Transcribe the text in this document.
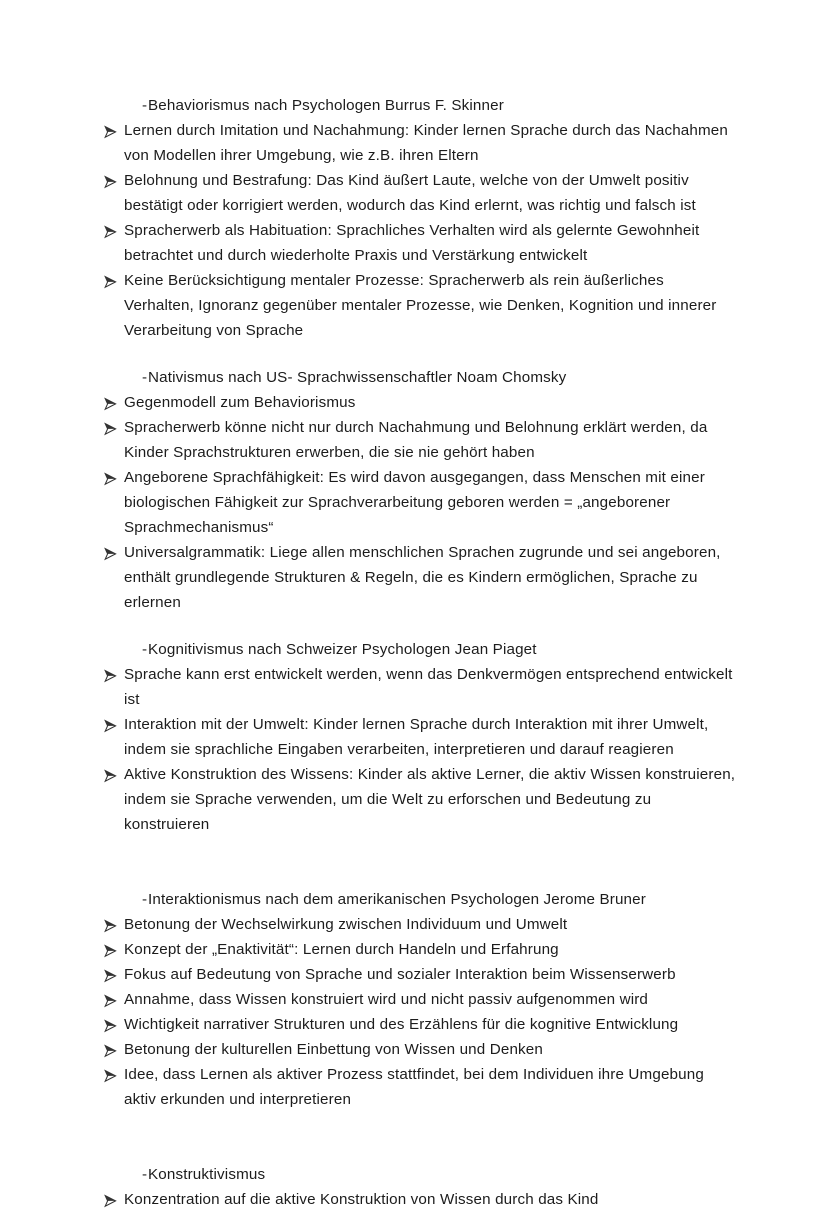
- Behaviorismus nach Psychologen Burrus F. Skinner
Lernen durch Imitation und Nachahmung: Kinder lernen Sprache durch das Nachahmen von Modellen ihrer Umgebung, wie z.B. ihren Eltern
Belohnung und Bestrafung: Das Kind äußert Laute, welche von der Umwelt positiv bestätigt oder korrigiert werden, wodurch das Kind erlernt, was richtig und falsch ist
Spracherwerb als Habituation: Sprachliches Verhalten wird als gelernte Gewohnheit betrachtet und durch wiederholte Praxis und Verstärkung entwickelt
Keine Berücksichtigung mentaler Prozesse: Spracherwerb als rein äußerliches Verhalten, Ignoranz gegenüber mentaler Prozesse, wie Denken, Kognition und innerer Verarbeitung von Sprache
- Nativismus nach US- Sprachwissenschaftler Noam Chomsky
Gegenmodell zum Behaviorismus
Spracherwerb könne nicht nur durch Nachahmung und Belohnung erklärt werden, da Kinder Sprachstrukturen erwerben, die sie nie gehört haben
Angeborene Sprachfähigkeit: Es wird davon ausgegangen, dass Menschen mit einer biologischen Fähigkeit zur Sprachverarbeitung geboren werden = „angeborener Sprachmechanismus“
Universalgrammatik: Liege allen menschlichen Sprachen zugrunde und sei angeboren, enthält grundlegende Strukturen & Regeln, die es Kindern ermöglichen, Sprache zu erlernen
- Kognitivismus nach Schweizer Psychologen Jean Piaget
Sprache kann erst entwickelt werden, wenn das Denkvermögen entsprechend entwickelt ist
Interaktion mit der Umwelt: Kinder lernen Sprache durch Interaktion mit ihrer Umwelt, indem sie sprachliche Eingaben verarbeiten, interpretieren und darauf reagieren
Aktive Konstruktion des Wissens: Kinder als aktive Lerner, die aktiv Wissen konstruieren, indem sie Sprache verwenden, um die Welt zu erforschen und Bedeutung zu konstruieren
- Interaktionismus nach dem amerikanischen Psychologen Jerome Bruner
Betonung der Wechselwirkung zwischen Individuum und Umwelt
Konzept der „Enaktivität“: Lernen durch Handeln und Erfahrung
Fokus auf Bedeutung von Sprache und sozialer Interaktion beim Wissenserwerb
Annahme, dass Wissen konstruiert wird und nicht passiv aufgenommen wird
Wichtigkeit narrativer Strukturen und des Erzählens für die kognitive Entwicklung
Betonung der kulturellen Einbettung von Wissen und Denken
Idee, dass Lernen als aktiver Prozess stattfindet, bei dem Individuen ihre Umgebung aktiv erkunden und interpretieren
- Konstruktivismus
Konzentration auf die aktive Konstruktion von Wissen durch das Kind
